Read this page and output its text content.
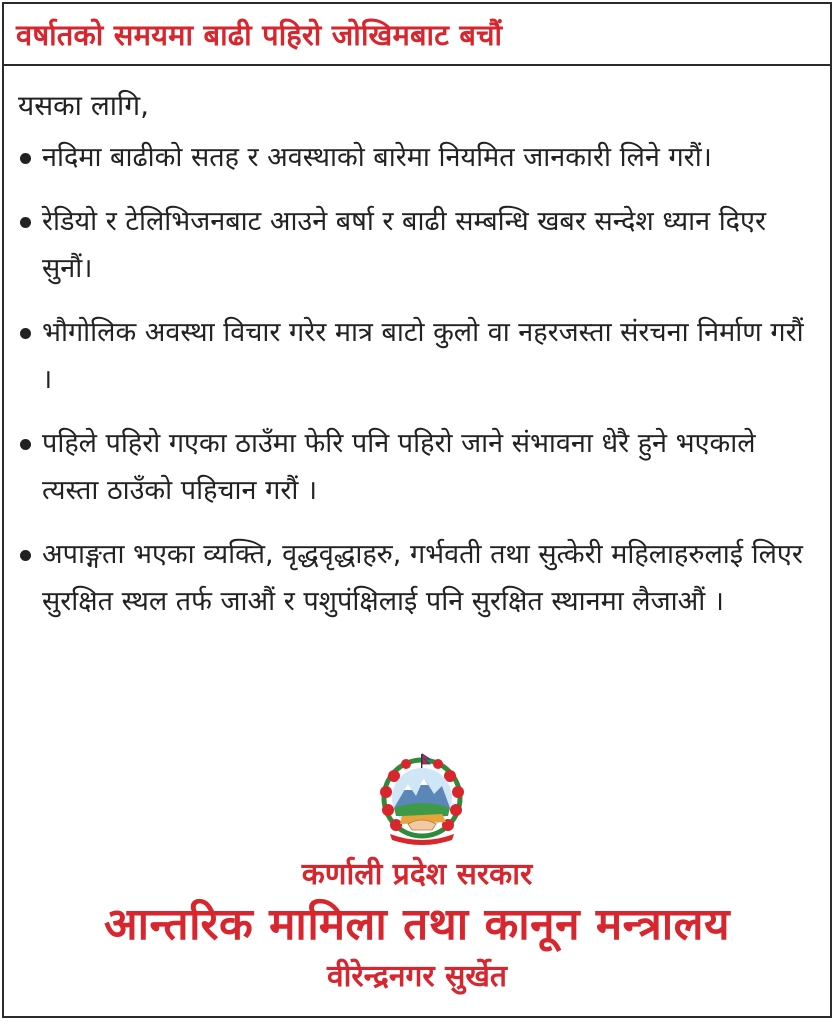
वर्षातको समयमा बाढी पहिरो जोखिमबाट बचौं
यसका लागि,
नदिमा बाढीको सतह र अवस्थाको बारेमा नियमित जानकारी लिने गरौं।
रेडियो र टेलिभिजनबाट आउने बर्षा र बाढी सम्बन्धि खबर सन्देश ध्यान दिएर सुनौं।
भौगोलिक अवस्था विचार गरेर मात्र बाटो कुलो वा नहरजस्ता संरचना निर्माण गरौं ।
पहिले पहिरो गएका ठाउँमा फेरि पनि पहिरो जाने संभावना धेरै हुने भएकाले त्यस्ता ठाउँको पहिचान गरौं ।
अपाङ्गता भएका व्यक्ति, वृद्धवृद्धाहरु, गर्भवती तथा सुत्केरी महिलाहरुलाई लिएर सुरक्षित स्थल तर्फ जाऔं र पशुपंक्षिलाई पनि सुरक्षित स्थानमा लैजाऔं ।
कर्णाली प्रदेश सरकार
आन्तरिक मामिला तथा कानून मन्त्रालय
वीरेन्द्रनगर सुर्खेत
